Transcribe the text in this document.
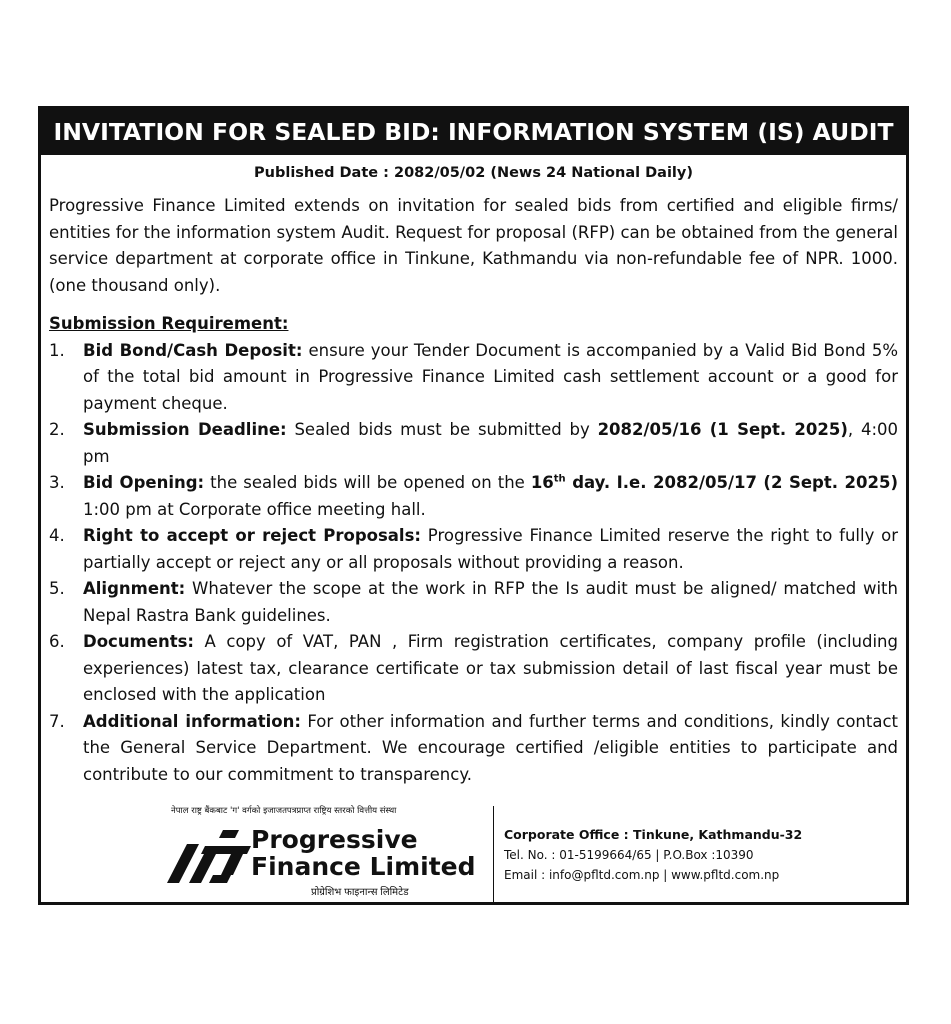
INVITATION FOR SEALED BID: INFORMATION SYSTEM (IS) AUDIT
Published Date : 2082/05/02 (News 24 National Daily)

Progressive Finance Limited extends on invitation for sealed bids from certified and eligible firms/ entities for the information system Audit. Request for proposal (RFP) can be obtained from the general service department at corporate office in Tinkune, Kathmandu via non-refundable fee of NPR. 1000. (one thousand only).

Submission Requirement:
1. Bid Bond/Cash Deposit: ensure your Tender Document is accompanied by a Valid Bid Bond 5% of the total bid amount in Progressive Finance Limited cash settlement account or a good for payment cheque.
2. Submission Deadline: Sealed bids must be submitted by 2082/05/16 (1 Sept. 2025), 4:00 pm
3. Bid Opening: the sealed bids will be opened on the 16th day. I.e. 2082/05/17 (2 Sept. 2025) 1:00 pm at Corporate office meeting hall.
4. Right to accept or reject Proposals: Progressive Finance Limited reserve the right to fully or partially accept or reject any or all proposals without providing a reason.
5. Alignment: Whatever the scope at the work in RFP the Is audit must be aligned/ matched with Nepal Rastra Bank guidelines.
6. Documents: A copy of VAT, PAN , Firm registration certificates, company profile (including experiences) latest tax, clearance certificate or tax submission detail of last fiscal year must be enclosed with the application
7. Additional information: For other information and further terms and conditions, kindly contact the General Service Department. We encourage certified /eligible entities to participate and contribute to our commitment to transparency.
नेपाल राष्ट्र बैंकबाट 'ग' वर्गको इजाजतपत्रप्राप्त राष्ट्रिय स्तरको वित्तीय संस्था
Progressive
Finance Limited
प्रोग्रेशिभ फाइनान्स लिमिटेड
Corporate Office : Tinkune, Kathmandu-32
Tel. No. : 01-5199664/65 | P.O.Box :10390
Email : info@pfltd.com.np | www.pfltd.com.np
